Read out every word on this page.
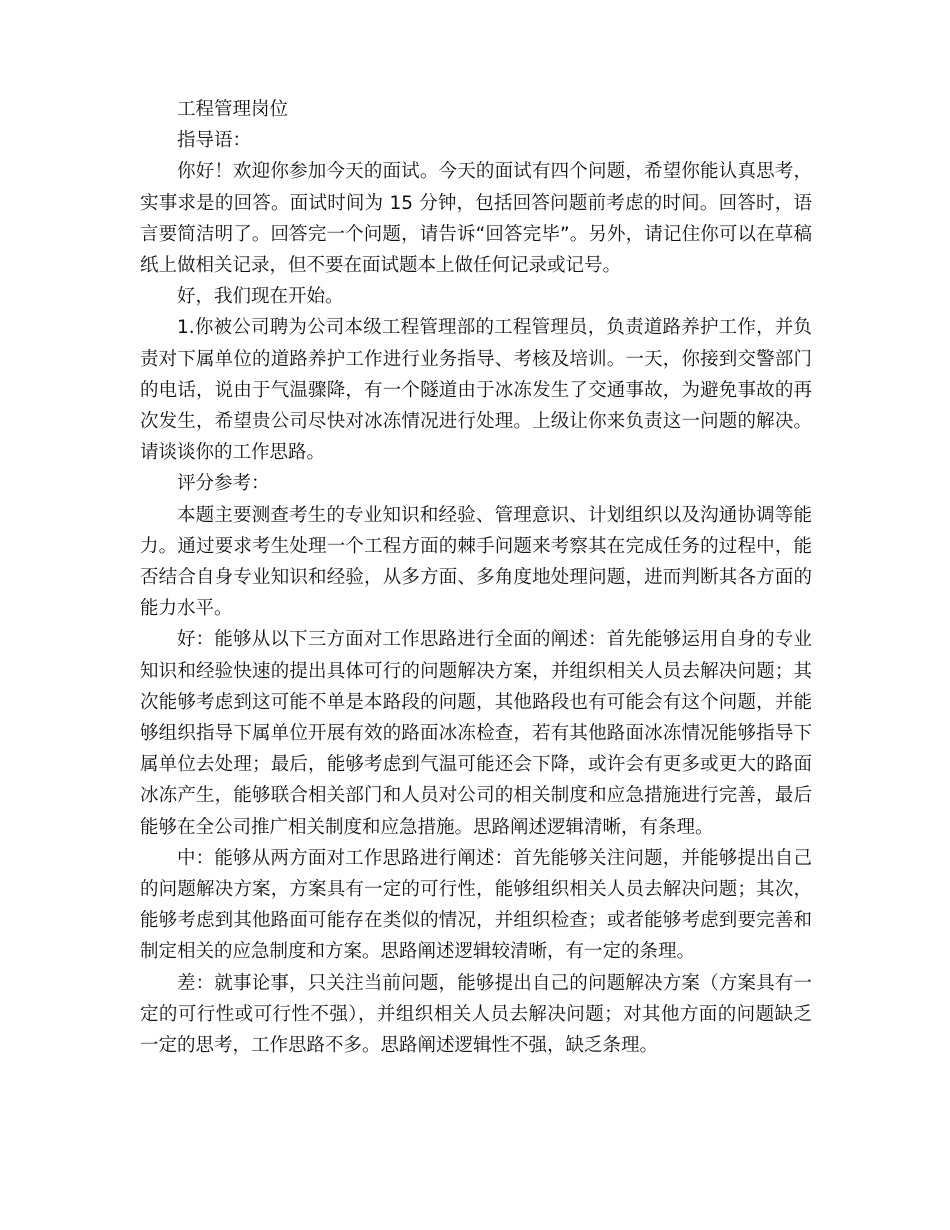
工程管理岗位

指导语：

你好！欢迎你参加今天的面试。今天的面试有四个问题，希望你能认真思考，实事求是的回答。面试时间为 15 分钟，包括回答问题前考虑的时间。回答时，语言要简洁明了。回答完一个问题，请告诉“回答完毕”。另外，请记住你可以在草稿纸上做相关记录，但不要在面试题本上做任何记录或记号。

好，我们现在开始。

1.你被公司聘为公司本级工程管理部的工程管理员，负责道路养护工作，并负责对下属单位的道路养护工作进行业务指导、考核及培训。一天，你接到交警部门的电话，说由于气温骤降，有一个隧道由于冰冻发生了交通事故，为避免事故的再次发生，希望贵公司尽快对冰冻情况进行处理。上级让你来负责这一问题的解决。请谈谈你的工作思路。

评分参考：

本题主要测查考生的专业知识和经验、管理意识、计划组织以及沟通协调等能力。通过要求考生处理一个工程方面的棘手问题来考察其在完成任务的过程中，能否结合自身专业知识和经验，从多方面、多角度地处理问题，进而判断其各方面的能力水平。

好：能够从以下三方面对工作思路进行全面的阐述：首先能够运用自身的专业知识和经验快速的提出具体可行的问题解决方案，并组织相关人员去解决问题；其次能够考虑到这可能不单是本路段的问题，其他路段也有可能会有这个问题，并能够组织指导下属单位开展有效的路面冰冻检查，若有其他路面冰冻情况能够指导下属单位去处理；最后，能够考虑到气温可能还会下降，或许会有更多或更大的路面冰冻产生，能够联合相关部门和人员对公司的相关制度和应急措施进行完善，最后能够在全公司推广相关制度和应急措施。思路阐述逻辑清晰，有条理。

中：能够从两方面对工作思路进行阐述：首先能够关注问题，并能够提出自己的问题解决方案，方案具有一定的可行性，能够组织相关人员去解决问题；其次，能够考虑到其他路面可能存在类似的情况，并组织检查；或者能够考虑到要完善和制定相关的应急制度和方案。思路阐述逻辑较清晰，有一定的条理。

差：就事论事，只关注当前问题，能够提出自己的问题解决方案（方案具有一定的可行性或可行性不强），并组织相关人员去解决问题；对其他方面的问题缺乏一定的思考，工作思路不多。思路阐述逻辑性不强，缺乏条理。
